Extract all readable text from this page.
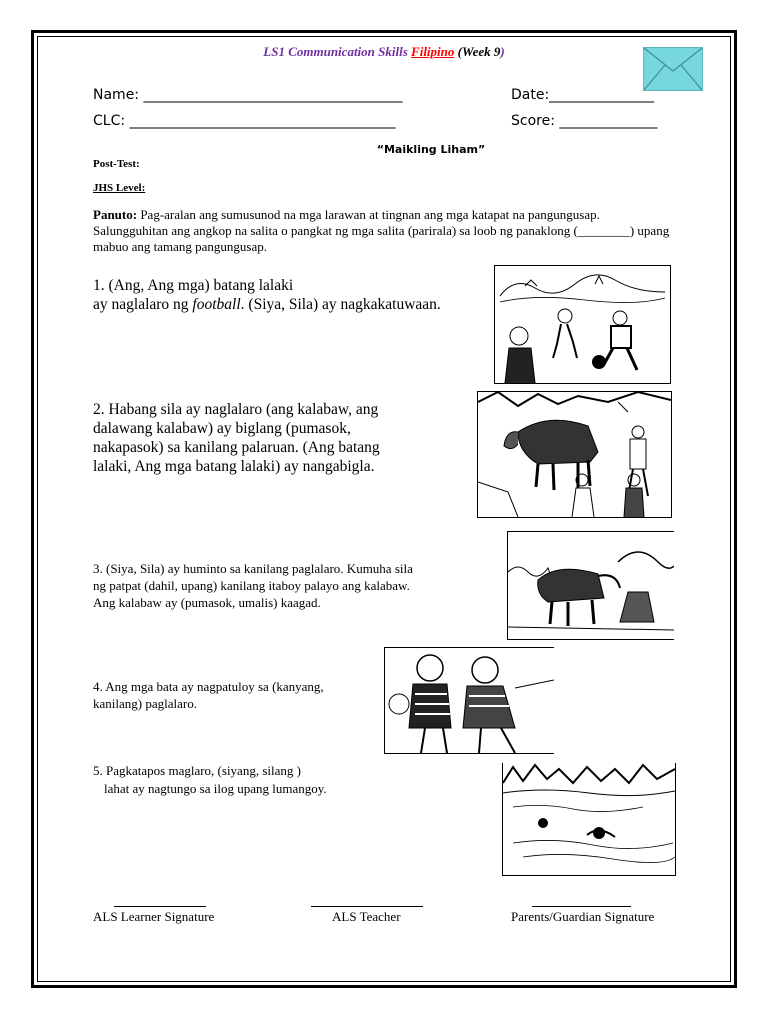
LS1 Communication Skills Filipino (Week 9)
Name: _____________________________________	Date:_______________
CLC: ______________________________________	Score: ______________
“Maikling Liham”
Post-Test:
JHS Level:
Panuto: Pag-aralan ang sumusunod na mga larawan at tingnan ang mga katapat na pangungusap. Salungguhitan ang angkop na salita o pangkat ng mga salita (parirala) sa loob ng panaklong (________) upang mabuo ang tamang pangungusap.
1. (Ang, Ang mga) batang lalaki
ay naglalaro ng football. (Siya, Sila) ay nagkakatuwaan.
2. Habang sila ay naglalaro (ang kalabaw, ang
dalawang kalabaw) ay biglang (pumasok,
nakapasok) sa kanilang palaruan. (Ang batang
lalaki, Ang mga batang lalaki) ay nangabigla.
3. (Siya, Sila) ay huminto sa kanilang paglalaro. Kumuha sila
ng patpat (dahil, upang) kanilang itaboy palayo ang kalabaw.
Ang kalabaw ay (pumasok, umalis) kaagad.
4. Ang mga bata ay nagpatuloy sa (kanyang,
kanilang) paglalaro.
5. Pagkatapos maglaro, (siyang, silang )
lahat ay nagtungo sa ilog upang lumangoy.
ALS Learner Signature	ALS Teacher	Parents/Guardian Signature
